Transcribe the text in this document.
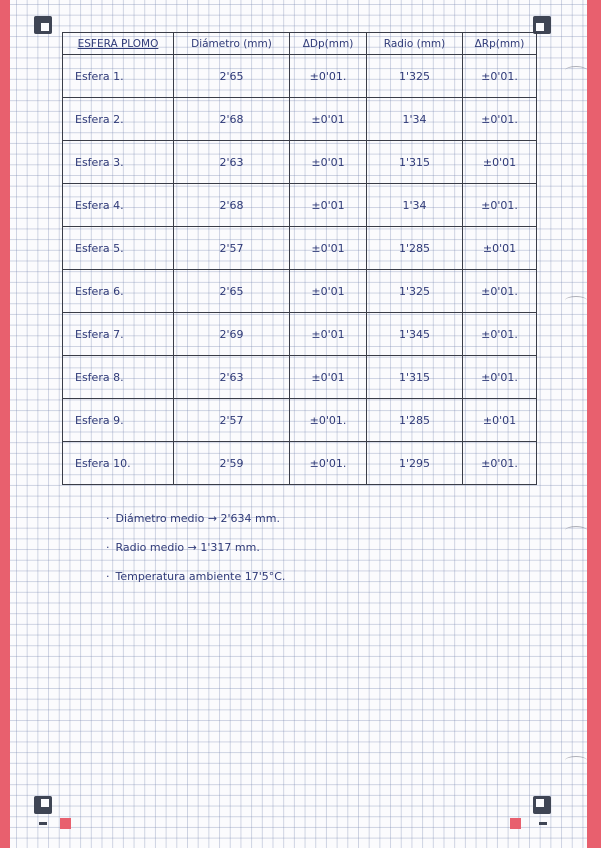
ESFERA PLOMO	Diámetro (mm)	ΔDp(mm)	Radio (mm)	ΔRp(mm)
Esfera 1.	2'65	±0'01.	1'325	±0'01.
Esfera 2.	2'68	±0'01	1'34	±0'01.
Esfera 3.	2'63	±0'01	1'315	±0'01
Esfera 4.	2'68	±0'01	1'34	±0'01.
Esfera 5.	2'57	±0'01	1'285	±0'01
Esfera 6.	2'65	±0'01	1'325	±0'01.
Esfera 7.	2'69	±0'01	1'345	±0'01.
Esfera 8.	2'63	±0'01	1'315	±0'01.
Esfera 9.	2'57	±0'01.	1'285	±0'01
Esfera 10.	2'59	±0'01.	1'295	±0'01.
· Diámetro medio → 2'634 mm.
· Radio medio → 1'317 mm.
· Temperatura ambiente 17'5°C.
